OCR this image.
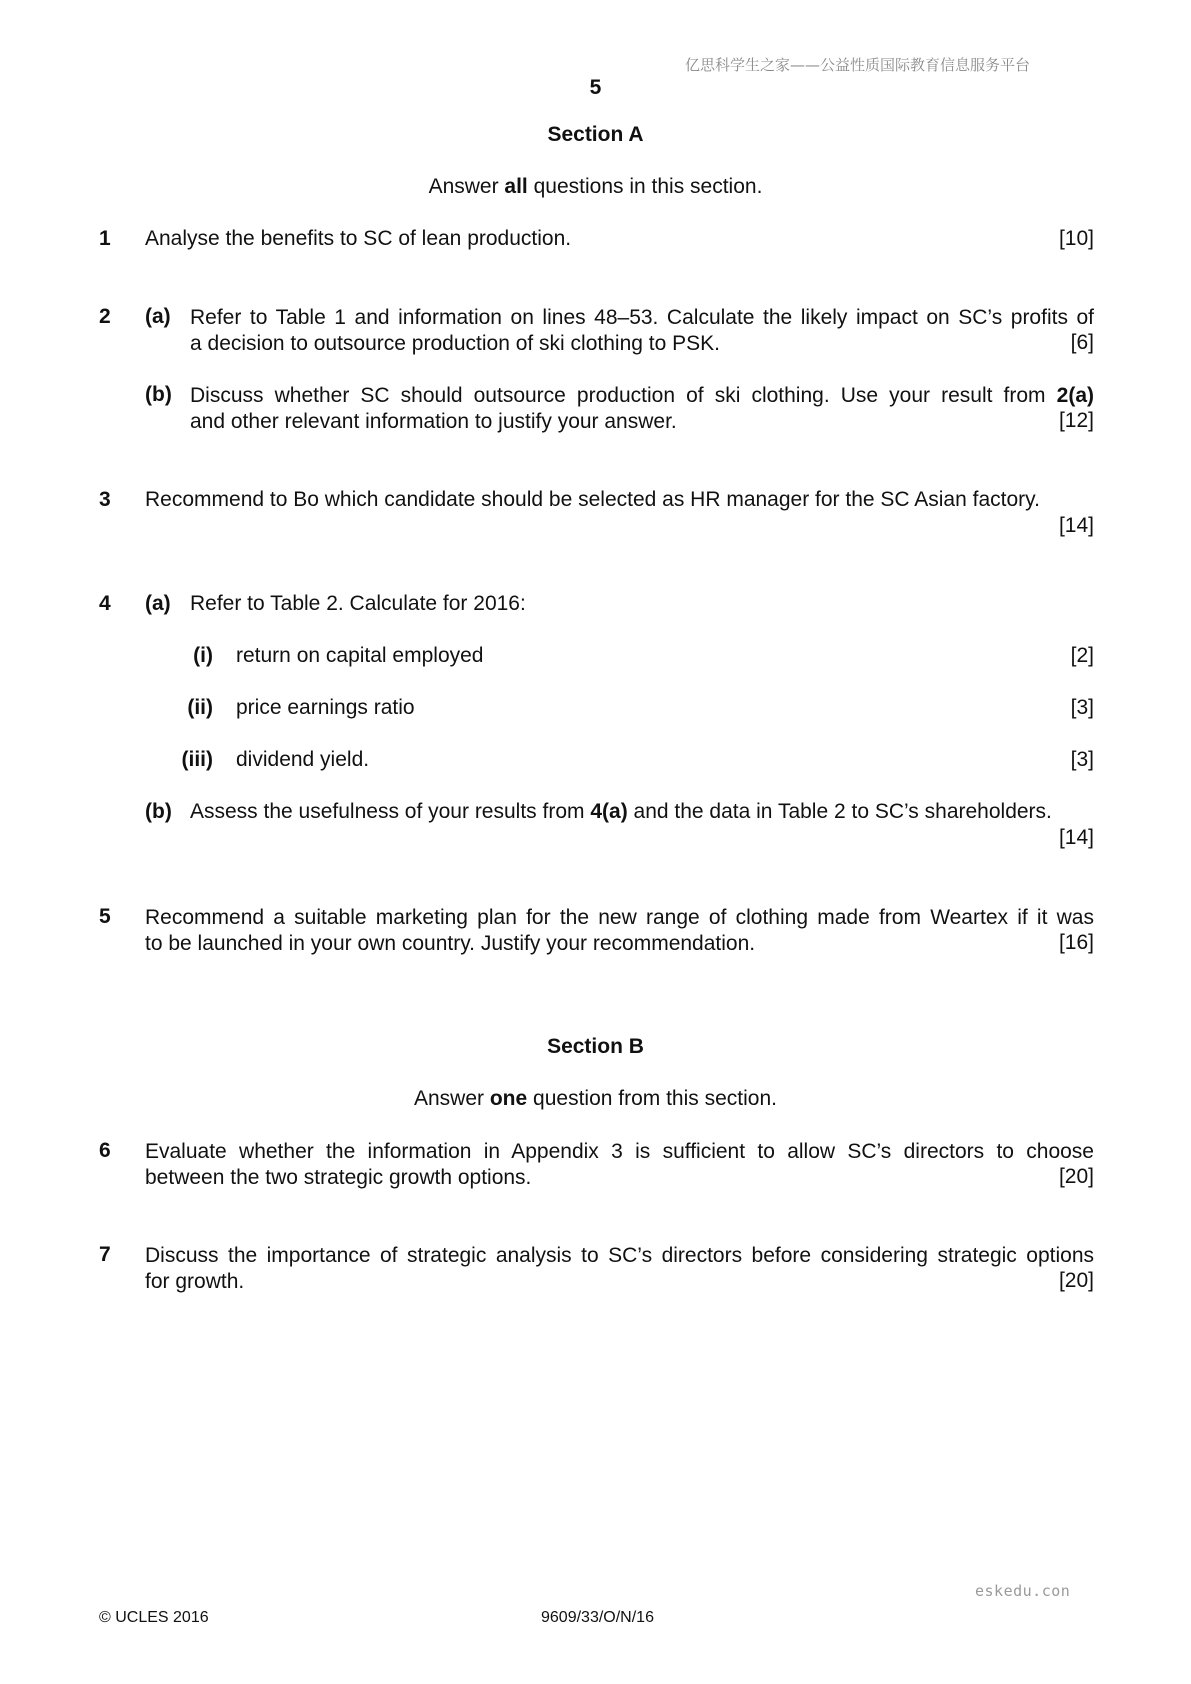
亿思科学生之家——公益性质国际教育信息服务平台
5
Section A
Answer all questions in this section.
1 Analyse the benefits to SC of lean production.	[10]
2 (a) Refer to Table 1 and information on lines 48–53. Calculate the likely impact on SC’s profits of
a decision to outsource production of ski clothing to PSK.	[6]
(b) Discuss whether SC should outsource production of ski clothing. Use your result from 2(a)
and other relevant information to justify your answer.	[12]
3 Recommend to Bo which candidate should be selected as HR manager for the SC Asian factory.
[14]
4 (a) Refer to Table 2. Calculate for 2016:
(i) return on capital employed	[2]
(ii) price earnings ratio	[3]
(iii) dividend yield.	[3]
(b) Assess the usefulness of your results from 4(a) and the data in Table 2 to SC’s shareholders.
[14]
5 Recommend a suitable marketing plan for the new range of clothing made from Weartex if it was
to be launched in your own country. Justify your recommendation.	[16]
Section B
Answer one question from this section.
6 Evaluate whether the information in Appendix 3 is sufficient to allow SC’s directors to choose
between the two strategic growth options.	[20]
7 Discuss the importance of strategic analysis to SC’s directors before considering strategic options
for growth.	[20]
eskedu.con
© UCLES 2016	9609/33/O/N/16
